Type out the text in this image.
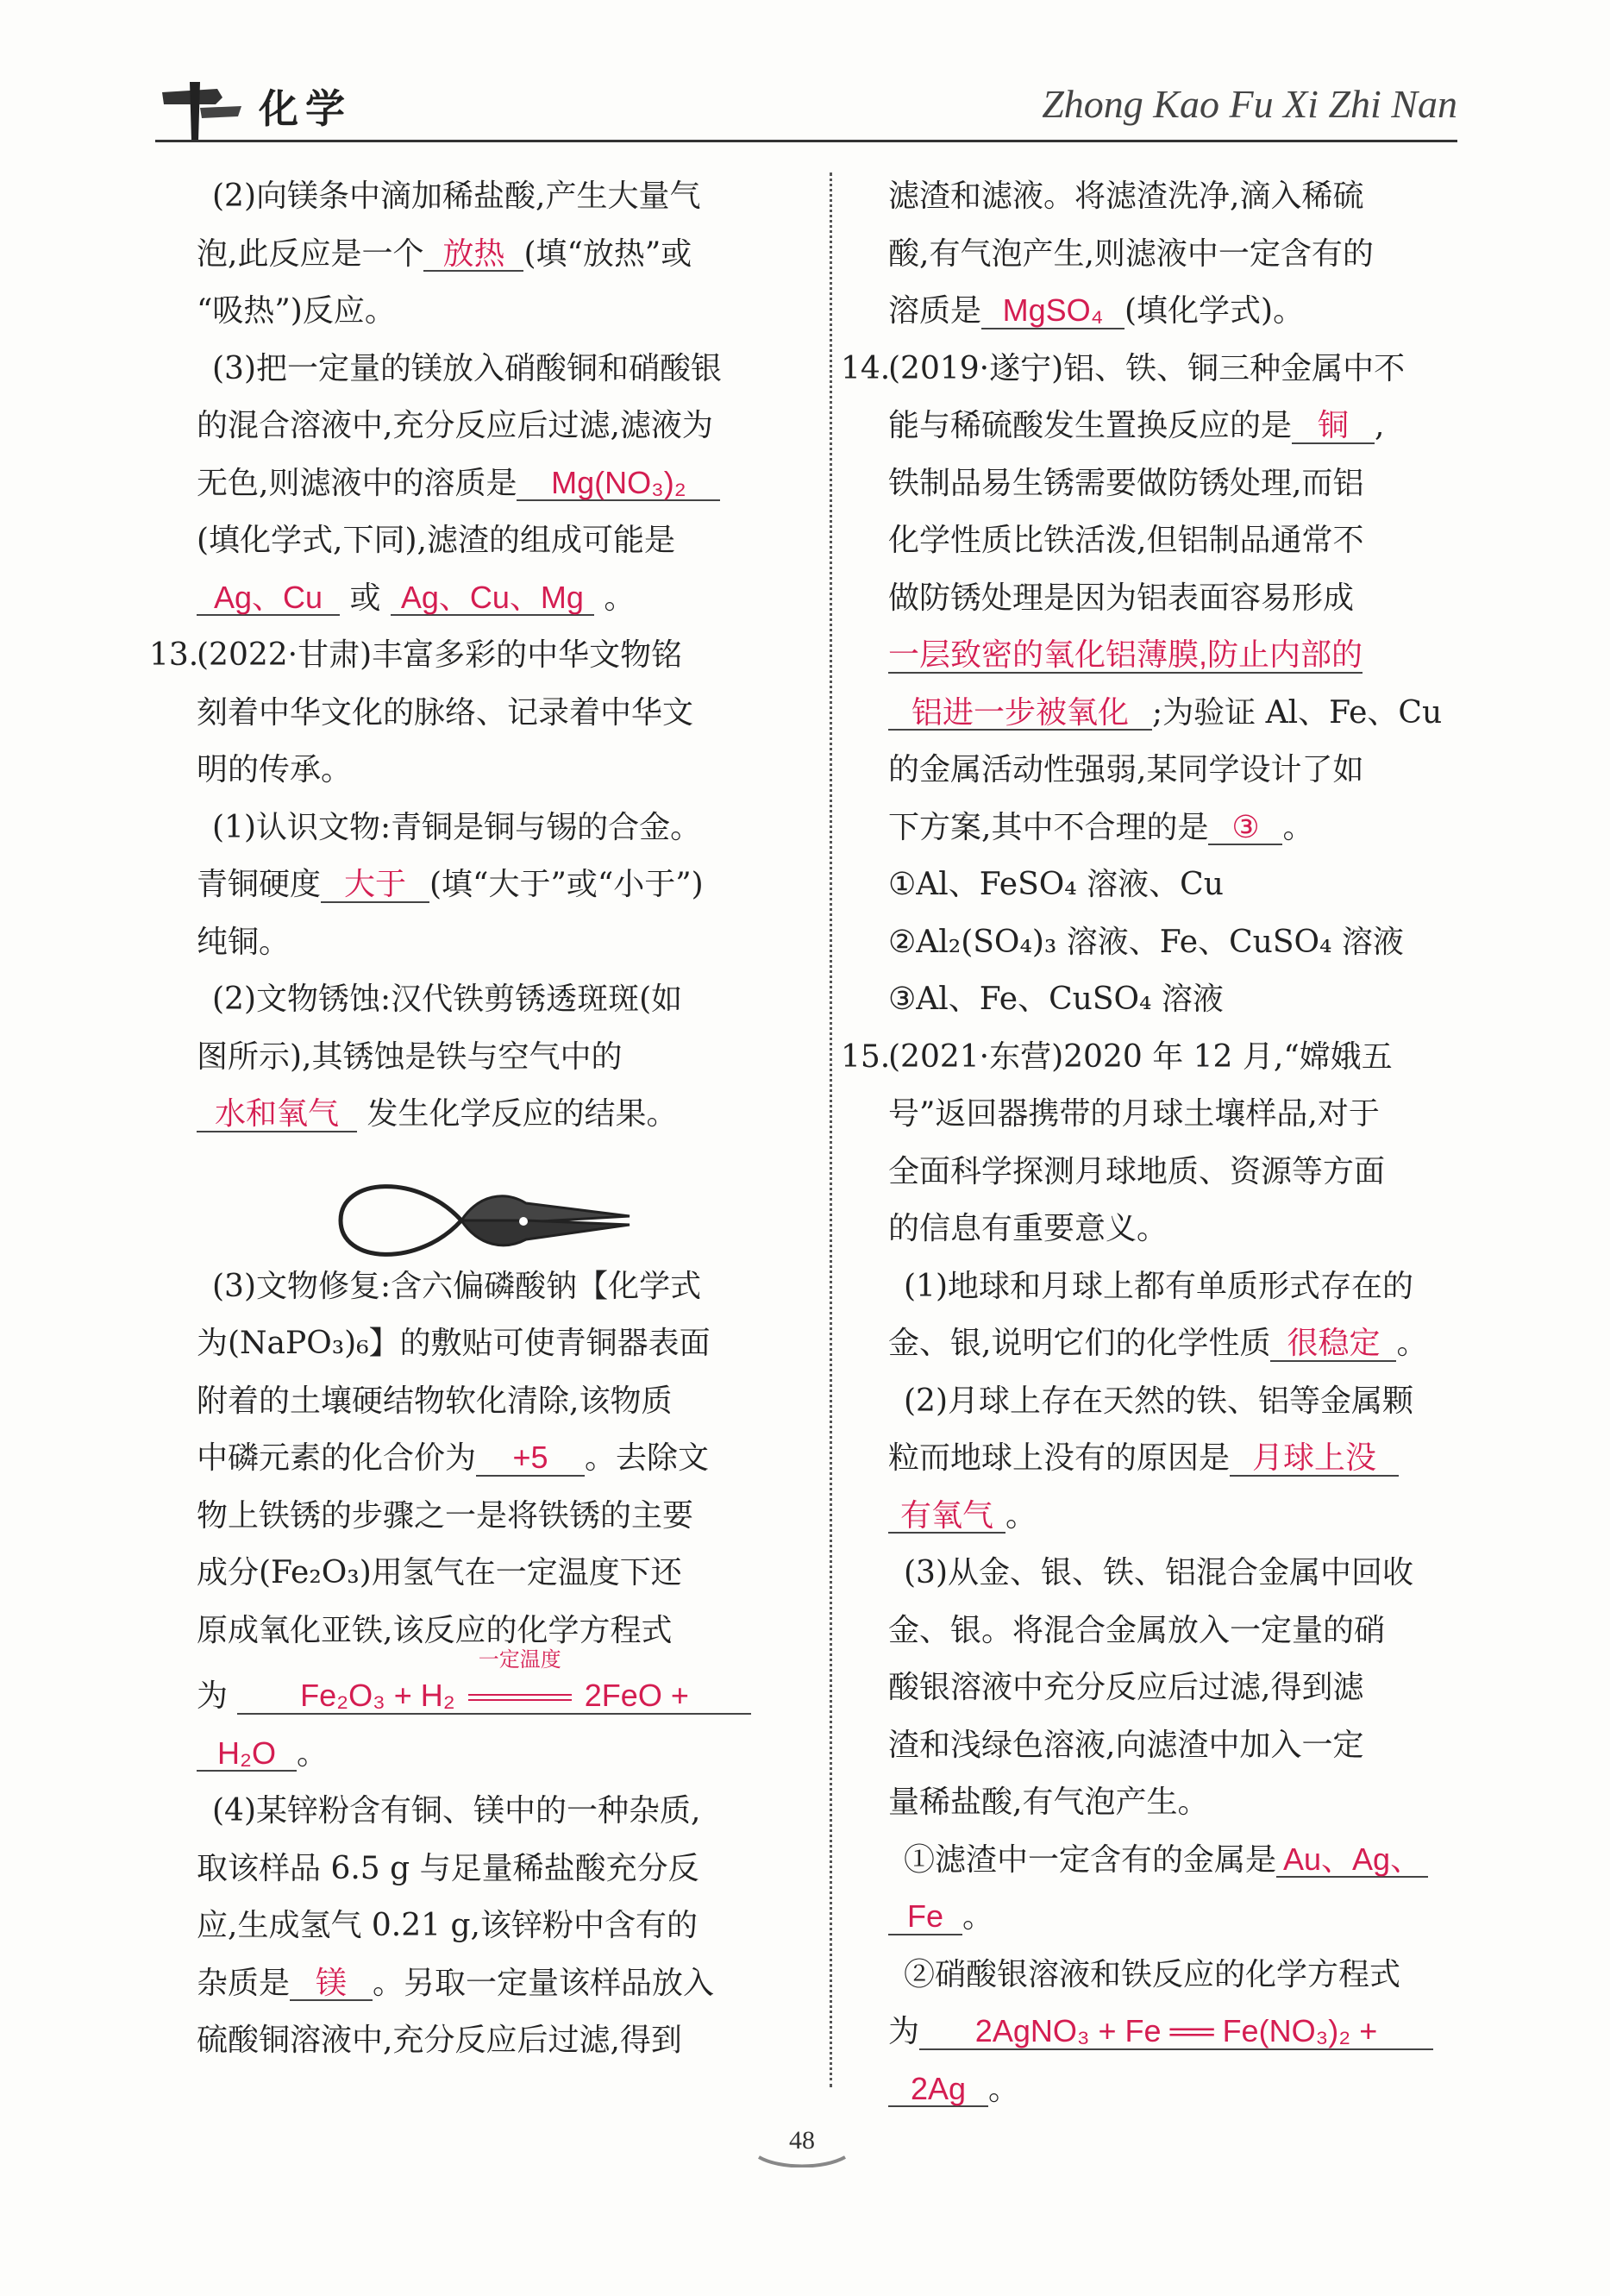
化学	Zhong Kao Fu Xi Zhi Nan

(2)向镁条中滴加稀盐酸,产生大量气

泡,此反应是一个 放热 (填“放热”或

“吸热”)反应。

(3)把一定量的镁放入硝酸铜和硝酸银

的混合溶液中,充分反应后过滤,滤液为

无色,则滤液中的溶质是 Mg(NO₃)₂

(填化学式,下同),滤渣的组成可能是

Ag、Cu 或 Ag、Cu、Mg 。

13.

(2022·甘肃)丰富多彩的中华文物铭

刻着中华文化的脉络、记录着中华文

明的传承。

(1)认识文物:青铜是铜与锡的合金。

青铜硬度 大于 (填“大于”或“小于”)

纯铜。

(2)文物锈蚀:汉代铁剪锈透斑斑(如

图所示),其锈蚀是铁与空气中的

水和氧气 发生化学反应的结果。

(3)文物修复:含六偏磷酸钠【化学式

为(NaPO₃)₆】的敷贴可使青铜器表面

附着的土壤硬结物软化清除,该物质

中磷元素的化合价为 +5 。去除文

物上铁锈的步骤之一是将铁锈的主要

成分(Fe₂O₃)用氢气在一定温度下还

原成氧化亚铁,该反应的化学方程式

为 Fe₂O₃ + H₂
一定温度
2FeO +

H₂O 。

(4)某锌粉含有铜、镁中的一种杂质,

取该样品 6.5 g 与足量稀盐酸充分反

应,生成氢气 0.21 g,该锌粉中含有的

杂质是 镁 。另取一定量该样品放入

硫酸铜溶液中,充分反应后过滤,得到

滤渣和滤液。将滤渣洗净,滴入稀硫

酸,有气泡产生,则滤液中一定含有的

溶质是 MgSO₄ (填化学式)。

14.

(2019·遂宁)铝、铁、铜三种金属中不

能与稀硫酸发生置换反应的是 铜 ,

铁制品易生锈需要做防锈处理,而铝

化学性质比铁活泼,但铝制品通常不

做防锈处理是因为铝表面容易形成

一层致密的氧化铝薄膜,防止内部的

铝进一步被氧化 ;为验证 Al、Fe、Cu

的金属活动性强弱,某同学设计了如

下方案,其中不合理的是 ③ 。

①Al、FeSO₄ 溶液、Cu

②Al₂(SO₄)₃ 溶液、Fe、CuSO₄ 溶液

③Al、Fe、CuSO₄ 溶液

15.

(2021·东营)2020 年 12 月,“嫦娥五

号”返回器携带的月球土壤样品,对于

全面科学探测月球地质、资源等方面

的信息有重要意义。

(1)地球和月球上都有单质形式存在的

金、银,说明它们的化学性质 很稳定 。

(2)月球上存在天然的铁、铝等金属颗

粒而地球上没有的原因是 月球上没

有氧气 。

(3)从金、银、铁、铝混合金属中回收

金、银。将混合金属放入一定量的硝

酸银溶液中充分反应后过滤,得到滤

渣和浅绿色溶液,向滤渣中加入一定

量稀盐酸,有气泡产生。

①滤渣中一定含有的金属是 Au、Ag、

Fe 。

②硝酸银溶液和铁反应的化学方程式

为 2AgNO₃ + Fe ══ Fe(NO₃)₂ +

2Ag 。

48
